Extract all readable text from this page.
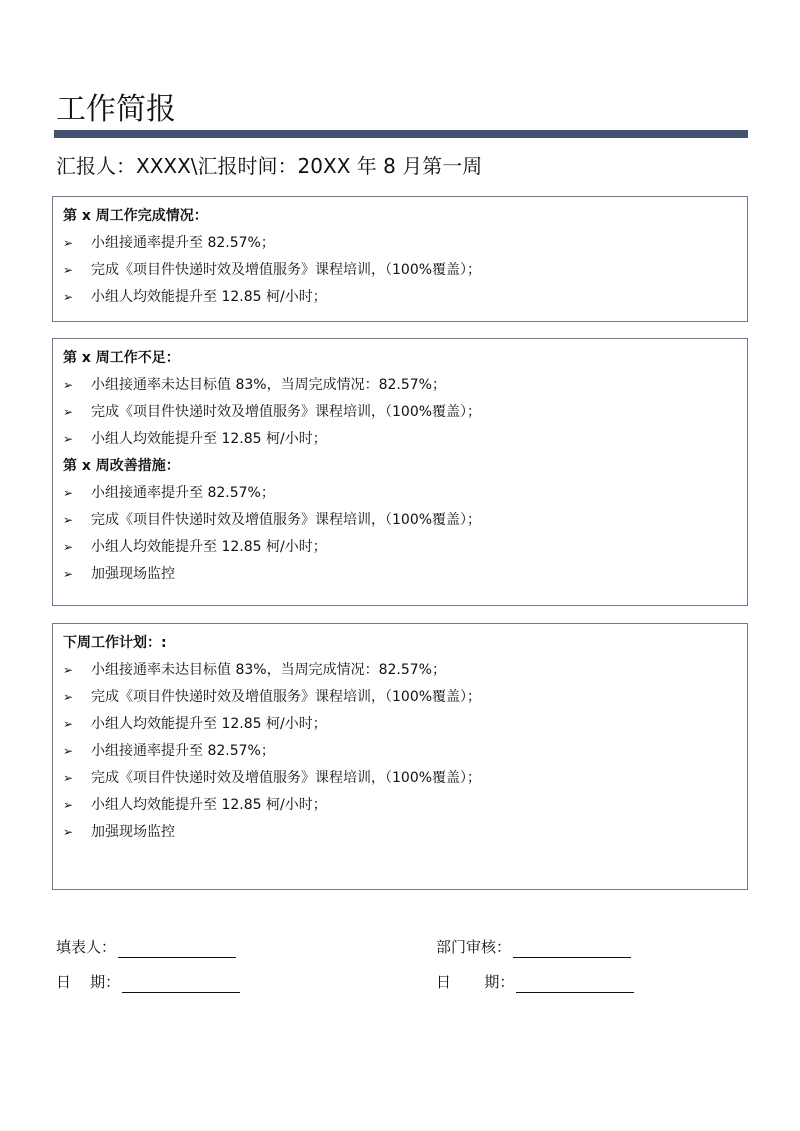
工作简报
汇报人：XXXX\汇报时间：20XX 年 8 月第一周
第 x 周工作完成情况：
➢	小组接通率提升至 82.57%；
➢	完成《项目件快递时效及增值服务》课程培训，（100%覆盖）；
➢	小组人均效能提升至 12.85 柯/小时；
第 x 周工作不足：
➢	小组接通率未达目标值 83%，当周完成情况：82.57%；
➢	完成《项目件快递时效及增值服务》课程培训，（100%覆盖）；
➢	小组人均效能提升至 12.85 柯/小时；
第 x 周改善措施：
➢	小组接通率提升至 82.57%；
➢	完成《项目件快递时效及增值服务》课程培训，（100%覆盖）；
➢	小组人均效能提升至 12.85 柯/小时；
➢	加强现场监控
下周工作计划：:
➢	小组接通率未达目标值 83%，当周完成情况：82.57%；
➢	完成《项目件快递时效及增值服务》课程培训，（100%覆盖）；
➢	小组人均效能提升至 12.85 柯/小时；
➢	小组接通率提升至 82.57%；
➢	完成《项目件快递时效及增值服务》课程培训，（100%覆盖）；
➢	小组人均效能提升至 12.85 柯/小时；
➢	加强现场监控
填表人：	部门审核：
日    期：	日       期：
